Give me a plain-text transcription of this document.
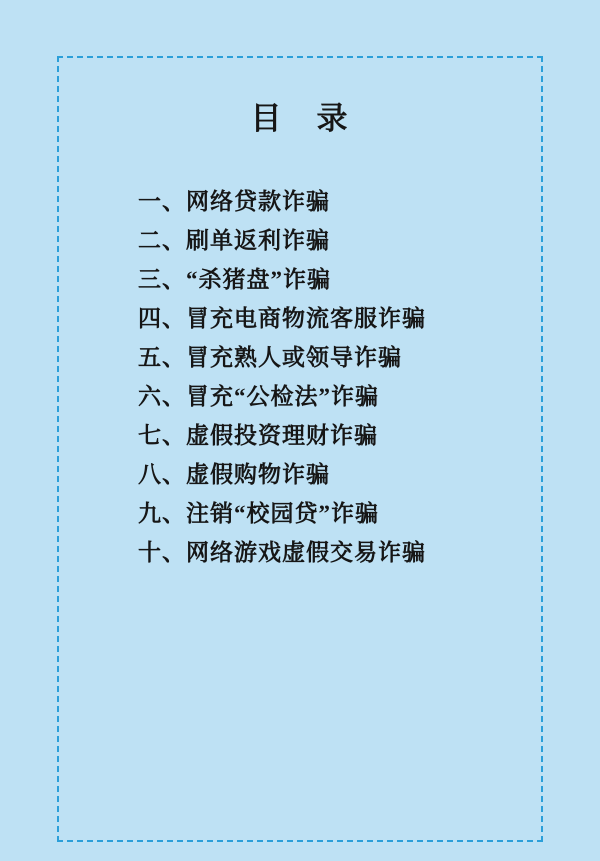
目　录
一、网络贷款诈骗
二、刷单返利诈骗
三、“杀猪盘”诈骗
四、冒充电商物流客服诈骗
五、冒充熟人或领导诈骗
六、冒充“公检法”诈骗
七、虚假投资理财诈骗
八、虚假购物诈骗
九、注销“校园贷”诈骗
十、网络游戏虚假交易诈骗
